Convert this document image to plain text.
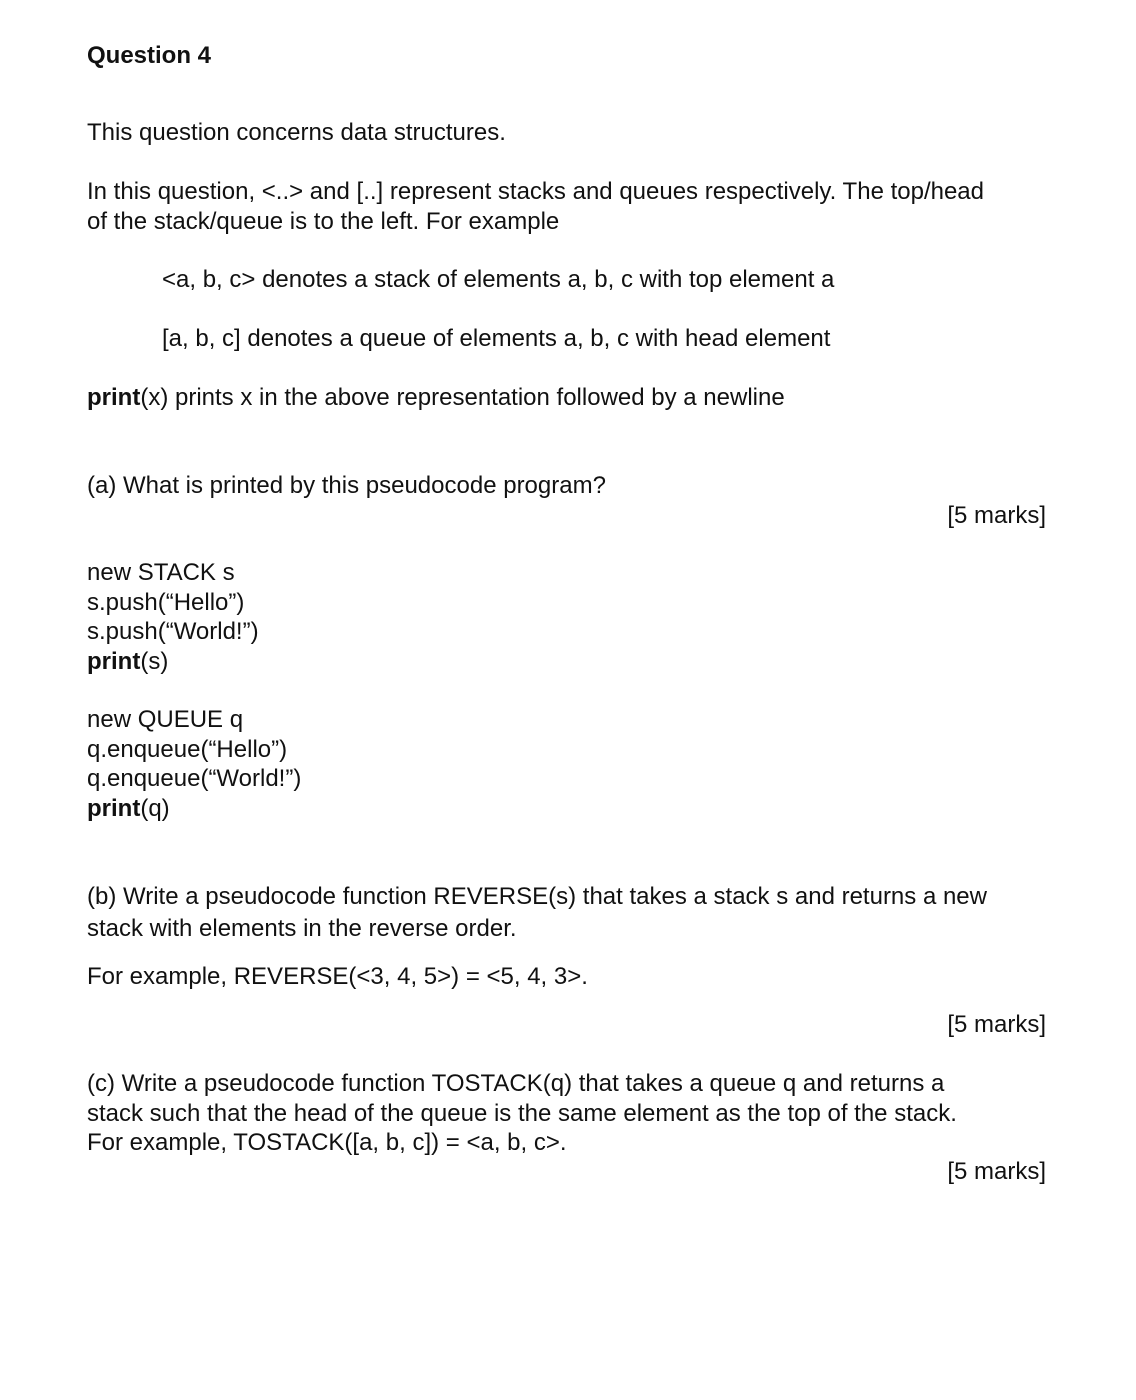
Question 4
This question concerns data structures.
In this question, <..> and [..] represent stacks and queues respectively. The top/head
of the stack/queue is to the left. For example
<a, b, c> denotes a stack of elements a, b, c with top element a
[a, b, c] denotes a queue of elements a, b, c with head element
print(x) prints x in the above representation followed by a newline
(a) What is printed by this pseudocode program?
[5 marks]
new STACK s
s.push(“Hello”)
s.push(“World!”)
print(s)
new QUEUE q
q.enqueue(“Hello”)
q.enqueue(“World!”)
print(q)
(b) Write a pseudocode function REVERSE(s) that takes a stack s and returns a new
stack with elements in the reverse order.
For example, REVERSE(<3, 4, 5>) = <5, 4, 3>.
[5 marks]
(c) Write a pseudocode function TOSTACK(q) that takes a queue q and returns a
stack such that the head of the queue is the same element as the top of the stack.
For example, TOSTACK([a, b, c]) = <a, b, c>.
[5 marks]
